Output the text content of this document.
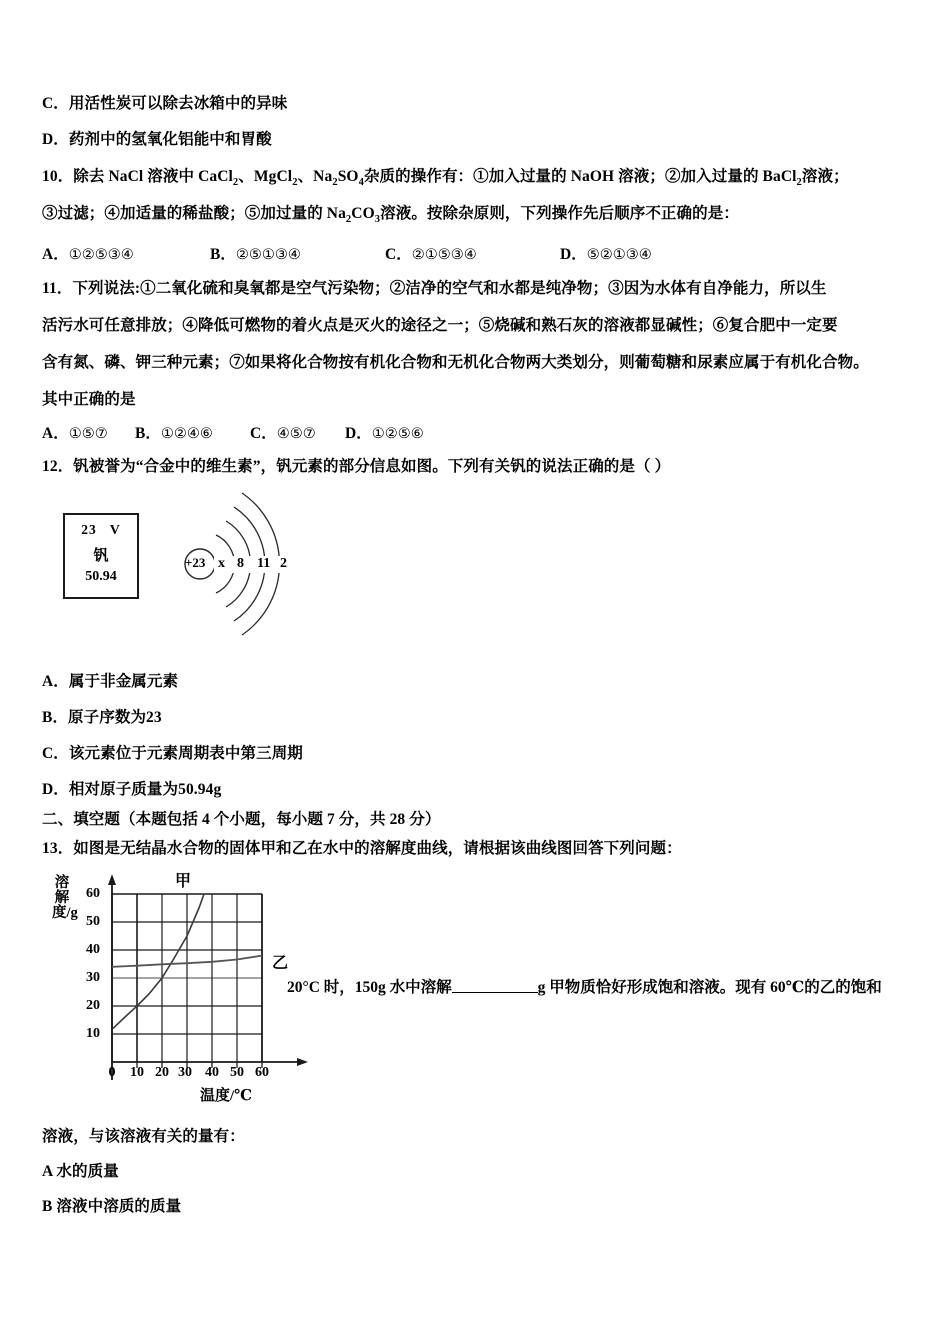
C．用活性炭可以除去冰箱中的异味
D．药剂中的氢氧化铝能中和胃酸
10．除去 NaCl 溶液中 CaCl$_2$、MgCl$_2$、$Na_2SO_4$杂质的操作有：①加入过量的 NaOH 溶液；②加入过量的 BaCl$_2$溶液；
③过滤；④加适量的稀盐酸；⑤加过量的 $Na_2CO_3$溶液。按除杂原则，下列操作先后顺序不正确的是：
A．①②⑤③④	B．②⑤①③④	C．②①⑤③④	D．⑤②①③④
11．下列说法:①二氧化硫和臭氧都是空气污染物；②洁净的空气和水都是纯净物；③因为水体有自净能力，所以生
活污水可任意排放；④降低可燃物的着火点是灭火的途径之一；⑤烧碱和熟石灰的溶液都显碱性；⑥复合肥中一定要
含有氮、磷、钾三种元素；⑦如果将化合物按有机化合物和无机化合物两大类划分，则葡萄糖和尿素应属于有机化合物。
其中正确的是
A．①⑤⑦ B．①②④⑥ C．④⑤⑦ D．①②⑤⑥
12．钒被誉为“合金中的维生素”，钒元素的部分信息如图。下列有关钒的说法正确的是（ ）
23 V
钒
50.94
x 8 11 2
+23
A．属于非金属元素
B．原子序数为23
C．该元素位于元素周期表中第三周期
D．相对原子质量为50.94g
二、填空题（本题包括 4 个小题，每小题 7 分，共 28 分）
13．如图是无结晶水合物的固体甲和乙在水中的溶解度曲线，请根据该曲线图回答下列问题：
溶解度/g
温度/℃
60
50
40
30
20
10
0	10 20 30 40 50 60
甲
乙
20°C 时，150g 水中溶解	g 甲物质恰好形成饱和溶液。现有 60℃的乙的饱和
溶液，与该溶液有关的量有：
A 水的质量
B 溶液中溶质的质量
